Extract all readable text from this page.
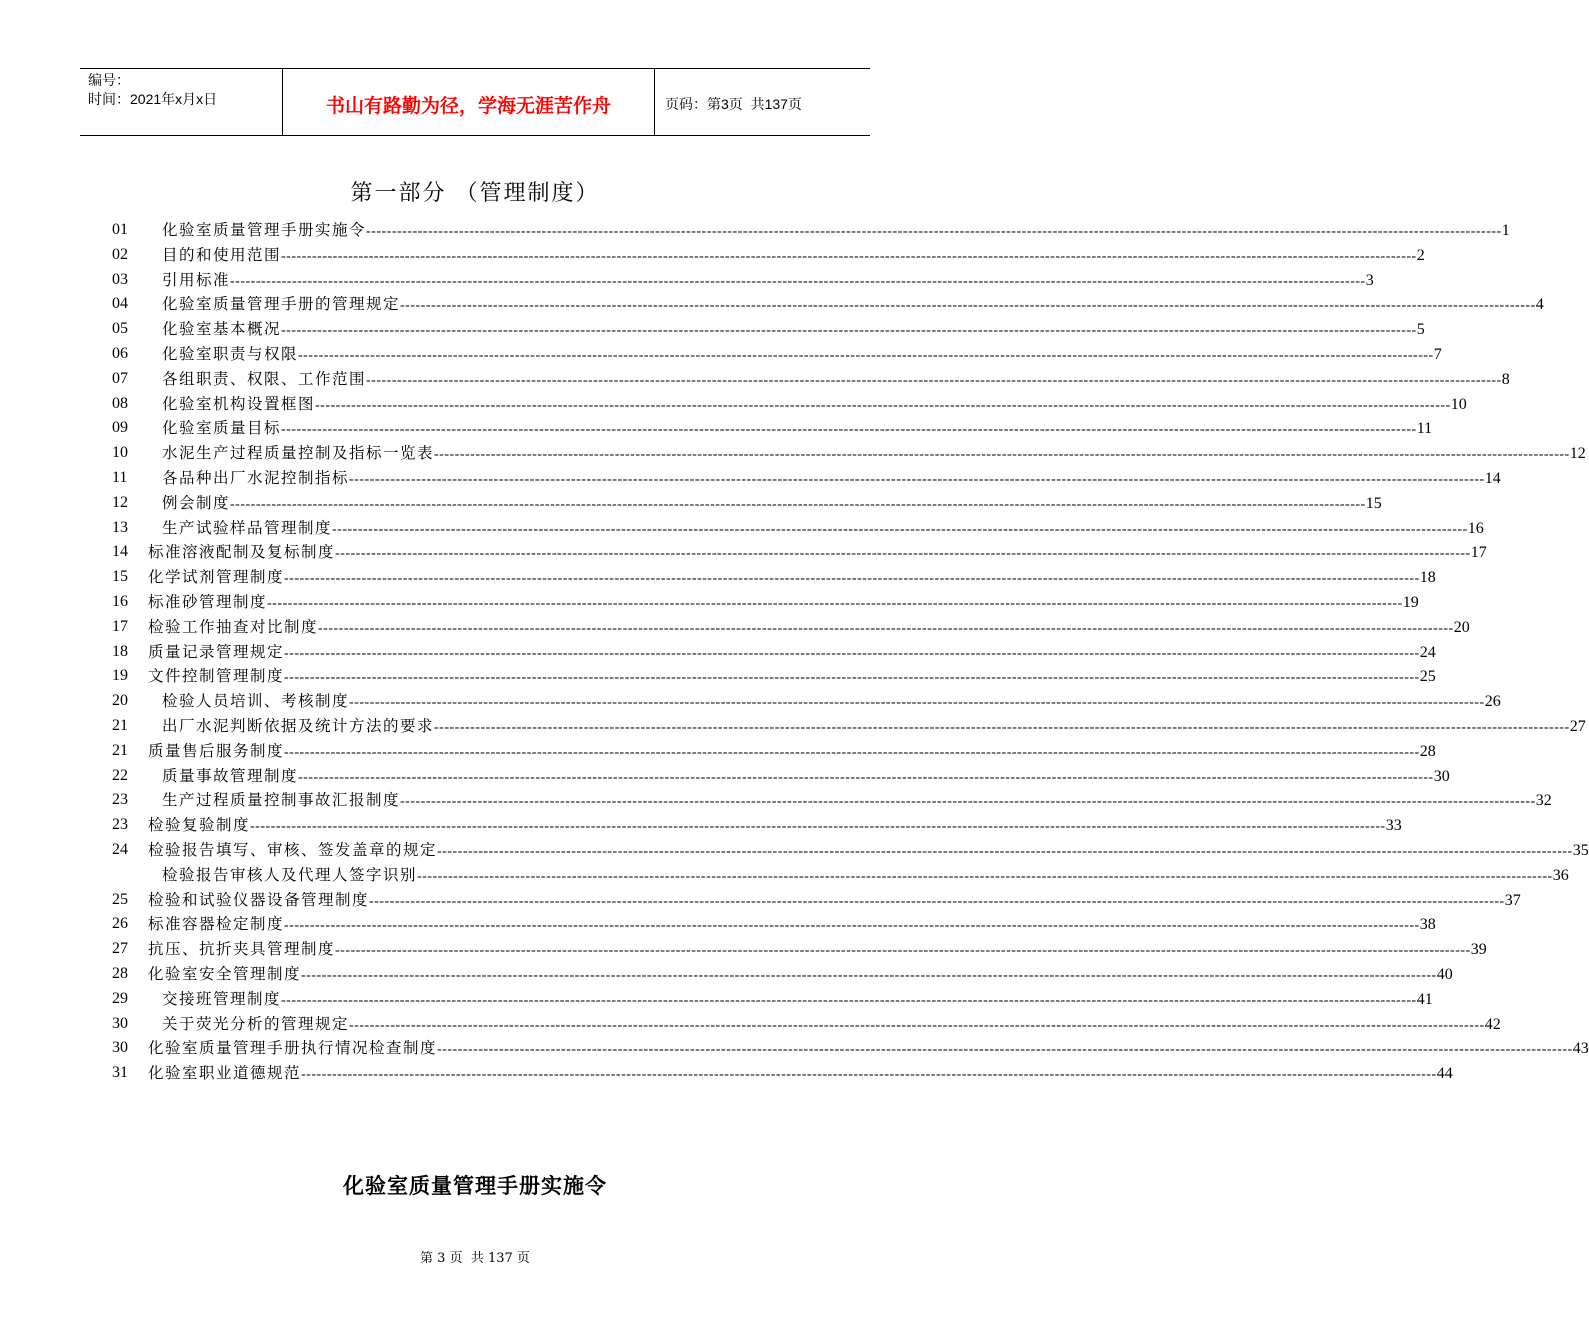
编号：
时间：2021年x月x日	书山有路勤为径，学海无涯苦作舟	页码：第3页  共137页
第一部分 （管理制度）
01	化验室质量管理手册实施令 ---------------------------------------------------------------------------------------------------------------------------------------------------------------------------------------------------------------------------- 1
02	目的和使用范围 ---------------------------------------------------------------------------------------------------------------------------------------------------------------------------------------------------------------------------- 2
03	引用标准 ---------------------------------------------------------------------------------------------------------------------------------------------------------------------------------------------------------------------------- 3
04	化验室质量管理手册的管理规定 ---------------------------------------------------------------------------------------------------------------------------------------------------------------------------------------------------------------------------- 4
05	化验室基本概况 ---------------------------------------------------------------------------------------------------------------------------------------------------------------------------------------------------------------------------- 5
06	化验室职责与权限 ---------------------------------------------------------------------------------------------------------------------------------------------------------------------------------------------------------------------------- 7
07	各组职责、权限、工作范围 ---------------------------------------------------------------------------------------------------------------------------------------------------------------------------------------------------------------------------- 8
08	化验室机构设置框图 ---------------------------------------------------------------------------------------------------------------------------------------------------------------------------------------------------------------------------- 10
09	化验室质量目标 ---------------------------------------------------------------------------------------------------------------------------------------------------------------------------------------------------------------------------- 11
10	水泥生产过程质量控制及指标一览表 ---------------------------------------------------------------------------------------------------------------------------------------------------------------------------------------------------------------------------- 12
11	各品种出厂水泥控制指标 ---------------------------------------------------------------------------------------------------------------------------------------------------------------------------------------------------------------------------- 14
12	例会制度 ---------------------------------------------------------------------------------------------------------------------------------------------------------------------------------------------------------------------------- 15
13	生产试验样品管理制度 ---------------------------------------------------------------------------------------------------------------------------------------------------------------------------------------------------------------------------- 16
14	标准溶液配制及复标制度 ---------------------------------------------------------------------------------------------------------------------------------------------------------------------------------------------------------------------------- 17
15	化学试剂管理制度 ---------------------------------------------------------------------------------------------------------------------------------------------------------------------------------------------------------------------------- 18
16	标准砂管理制度 ---------------------------------------------------------------------------------------------------------------------------------------------------------------------------------------------------------------------------- 19
17	检验工作抽查对比制度 ---------------------------------------------------------------------------------------------------------------------------------------------------------------------------------------------------------------------------- 20
18	质量记录管理规定 ---------------------------------------------------------------------------------------------------------------------------------------------------------------------------------------------------------------------------- 24
19	文件控制管理制度 ---------------------------------------------------------------------------------------------------------------------------------------------------------------------------------------------------------------------------- 25
20	检验人员培训、考核制度 ---------------------------------------------------------------------------------------------------------------------------------------------------------------------------------------------------------------------------- 26
21	出厂水泥判断依据及统计方法的要求 ---------------------------------------------------------------------------------------------------------------------------------------------------------------------------------------------------------------------------- 27
21	质量售后服务制度 ---------------------------------------------------------------------------------------------------------------------------------------------------------------------------------------------------------------------------- 28
22	质量事故管理制度 ---------------------------------------------------------------------------------------------------------------------------------------------------------------------------------------------------------------------------- 30
23	生产过程质量控制事故汇报制度 ---------------------------------------------------------------------------------------------------------------------------------------------------------------------------------------------------------------------------- 32
23	检验复验制度 ---------------------------------------------------------------------------------------------------------------------------------------------------------------------------------------------------------------------------- 33
24	检验报告填写、审核、签发盖章的规定 ---------------------------------------------------------------------------------------------------------------------------------------------------------------------------------------------------------------------------- 35
检验报告审核人及代理人签字识别 ---------------------------------------------------------------------------------------------------------------------------------------------------------------------------------------------------------------------------- 36
25	检验和试验仪器设备管理制度 ---------------------------------------------------------------------------------------------------------------------------------------------------------------------------------------------------------------------------- 37
26	标准容器检定制度 ---------------------------------------------------------------------------------------------------------------------------------------------------------------------------------------------------------------------------- 38
27	抗压、抗折夹具管理制度 ---------------------------------------------------------------------------------------------------------------------------------------------------------------------------------------------------------------------------- 39
28	化验室安全管理制度 ---------------------------------------------------------------------------------------------------------------------------------------------------------------------------------------------------------------------------- 40
29	交接班管理制度 ---------------------------------------------------------------------------------------------------------------------------------------------------------------------------------------------------------------------------- 41
30	关于荧光分析的管理规定 ---------------------------------------------------------------------------------------------------------------------------------------------------------------------------------------------------------------------------- 42
30	化验室质量管理手册执行情况检查制度 ---------------------------------------------------------------------------------------------------------------------------------------------------------------------------------------------------------------------------- 43
31	化验室职业道德规范 ---------------------------------------------------------------------------------------------------------------------------------------------------------------------------------------------------------------------------- 44
化验室质量管理手册实施令
第 3 页  共 137 页
